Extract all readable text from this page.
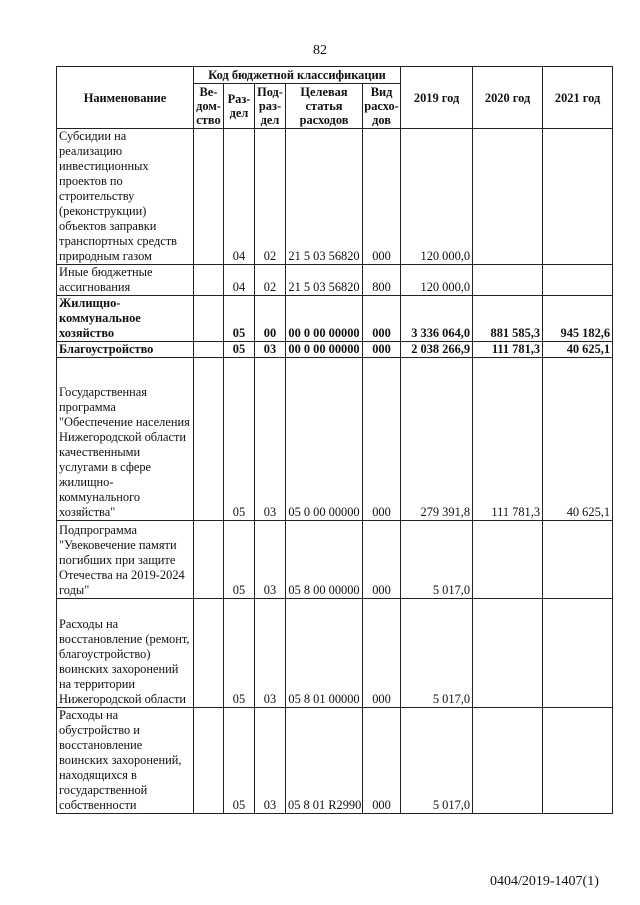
82
Наименование	Код бюджетной классификации					2019 год	2020 год	2021 год
	Ве-
дом-
ство	Раз-
дел	Под-
раз-
дел	Целевая
статья
расходов	Вид
расхо-
дов			
Субсидии на реализацию инвестиционных проектов по строительству (реконструкции) объектов заправки транспортных средств природным газом		04	02	21 5 03 56820	000	120 000,0		
Иные бюджетные ассигнования		04	02	21 5 03 56820	800	120 000,0		
Жилищно-коммунальное хозяйство		05	00	00 0 00 00000	000	3 336 064,0	881 585,3	945 182,6
Благоустройство		05	03	00 0 00 00000	000	2 038 266,9	111 781,3	40 625,1
Государственная программа "Обеспечение населения Нижегородской области качественными услугами в сфере жилищно-коммунального хозяйства"		05	03	05 0 00 00000	000	279 391,8	111 781,3	40 625,1
Подпрограмма "Увековечение памяти погибших при защите Отечества на 2019-2024 годы"		05	03	05 8 00 00000	000	5 017,0		
Расходы на восстановление (ремонт, благоустройство) воинских захоронений на территории Нижегородской области		05	03	05 8 01 00000	000	5 017,0		
Расходы на обустройство и восстановление воинских захоронений, находящихся в государственной собственности		05	03	05 8 01 R2990	000	5 017,0		
0404/2019-1407(1)
